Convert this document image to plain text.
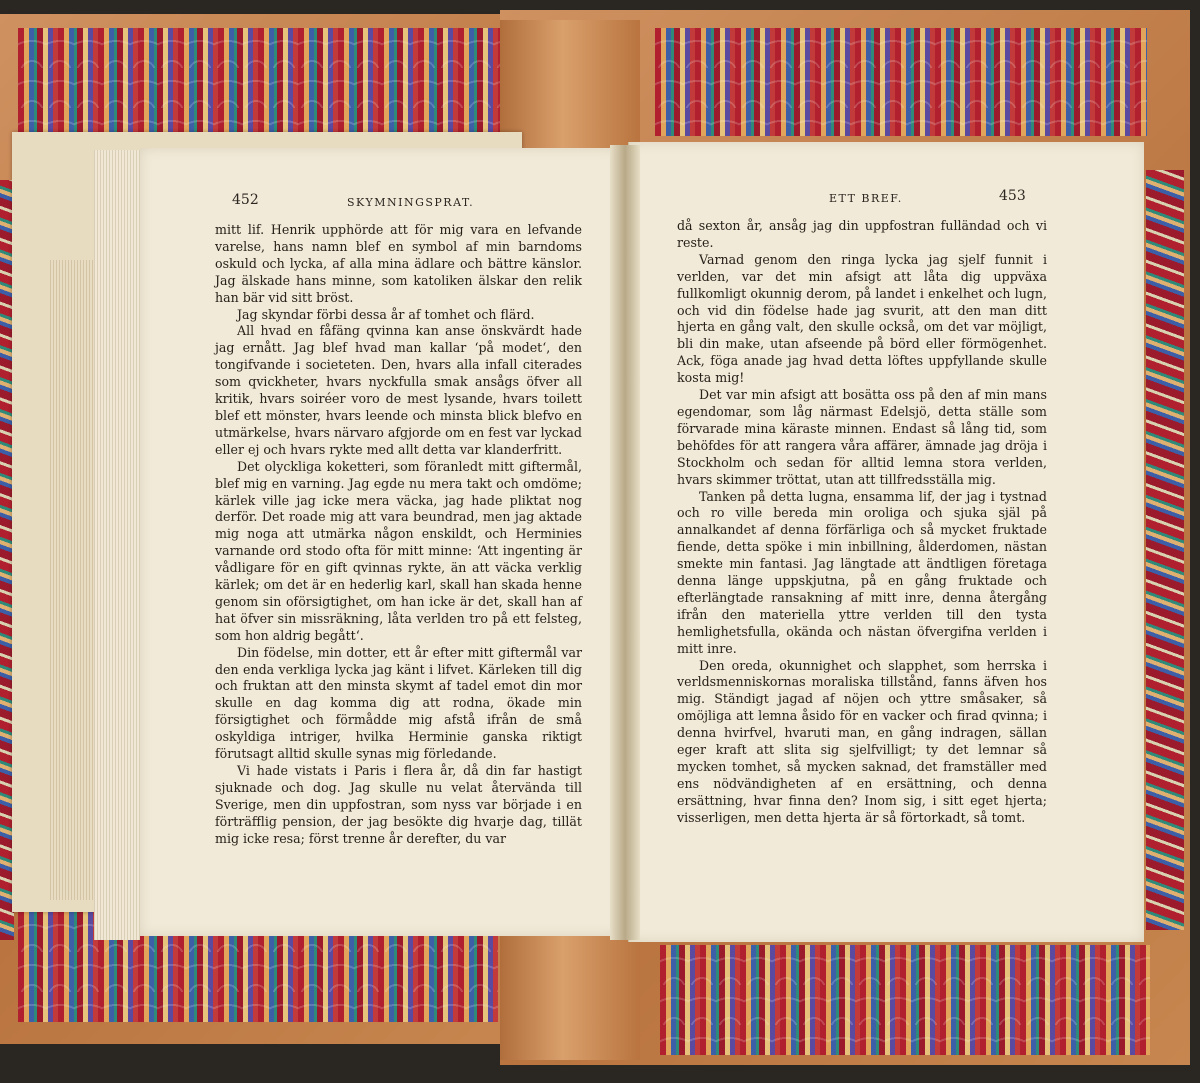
452	SKYMNINGSPRAT.

mitt lif. Henrik upphörde att för mig vara en lefvande varelse, hans namn blef en symbol af min barndoms oskuld och lycka, af alla mina ädlare och bättre känslor. Jag älskade hans minne, som katoliken älskar den relik han bär vid sitt bröst.

Jag skyndar förbi dessa år af tomhet och flärd.

All hvad en fåfäng qvinna kan anse önskvärdt hade jag ernått. Jag blef hvad man kallar ‘på modet‘, den tongifvande i societeten. Den, hvars alla infall citerades som qvickheter, hvars nyckfulla smak ansågs öfver all kritik, hvars soiréer voro de mest lysande, hvars toilett blef ett mönster, hvars leende och minsta blick blefvo en utmärkelse, hvars närvaro afgjorde om en fest var lyckad eller ej och hvars rykte med allt detta var klanderfritt.

Det olyckliga koketteri, som föranledt mitt giftermål, blef mig en varning. Jag egde nu mera takt och omdöme; kärlek ville jag icke mera väcka, jag hade pliktat nog derför. Det roade mig att vara beundrad, men jag aktade mig noga att utmärka någon enskildt, och Herminies varnande ord stodo ofta för mitt minne: ‘Att ingenting är vådligare för en gift qvinnas rykte, än att väcka verklig kärlek; om det är en hederlig karl, skall han skada henne genom sin oförsigtighet, om han icke är det, skall han af hat öfver sin missräkning, låta verlden tro på ett felsteg, som hon aldrig begått‘.

Din födelse, min dotter, ett år efter mitt giftermål var den enda verkliga lycka jag känt i lifvet. Kärleken till dig och fruktan att den minsta skymt af tadel emot din mor skulle en dag komma dig att rodna, ökade min försigtighet och förmådde mig afstå ifrån de små oskyldiga intriger, hvilka Herminie ganska riktigt förutsagt alltid skulle synas mig förledande.

Vi hade vistats i Paris i flera år, då din far hastigt sjuknade och dog. Jag skulle nu velat återvända till Sverige, men din uppfostran, som nyss var började i en förträfflig pension, der jag besökte dig hvarje dag, tillät mig icke resa; först trenne år derefter, du var

ETT BREF.	453

då sexton år, ansåg jag din uppfostran fulländad och vi reste.

Varnad genom den ringa lycka jag sjelf funnit i verlden, var det min afsigt att låta dig uppväxa fullkomligt okunnig derom, på landet i enkelhet och lugn, och vid din födelse hade jag svurit, att den man ditt hjerta en gång valt, den skulle också, om det var möjligt, bli din make, utan afseende på börd eller förmögenhet. Ack, föga anade jag hvad detta löftes uppfyllande skulle kosta mig!

Det var min afsigt att bosätta oss på den af min mans egendomar, som låg närmast Edelsjö, detta ställe som förvarade mina käraste minnen. Endast så lång tid, som behöfdes för att rangera våra affärer, ämnade jag dröja i Stockholm och sedan för alltid lemna stora verlden, hvars skimmer tröttat, utan att tillfredsställa mig.

Tanken på detta lugna, ensamma lif, der jag i tystnad och ro ville bereda min oroliga och sjuka själ på annalkandet af denna förfärliga och så mycket fruktade fiende, detta spöke i min inbillning, ålderdomen, nästan smekte min fantasi. Jag längtade att ändtligen företaga denna länge uppskjutna, på en gång fruktade och efterlängtade ransakning af mitt inre, denna återgång ifrån den materiella yttre verlden till den tysta hemlighetsfulla, okända och nästan öfvergifna verlden i mitt inre.

Den oreda, okunnighet och slapphet, som herrska i verldsmenniskornas moraliska tillstånd, fanns äfven hos mig. Ständigt jagad af nöjen och yttre småsaker, så omöjliga att lemna åsido för en vacker och firad qvinna; i denna hvirfvel, hvaruti man, en gång indragen, sällan eger kraft att slita sig sjelfvilligt; ty det lemnar så mycken tomhet, så mycken saknad, det framställer med ens nödvändigheten af en ersättning, och denna ersättning, hvar finna den? Inom sig, i sitt eget hjerta; visserligen, men detta hjerta är så förtorkadt, så tomt.
